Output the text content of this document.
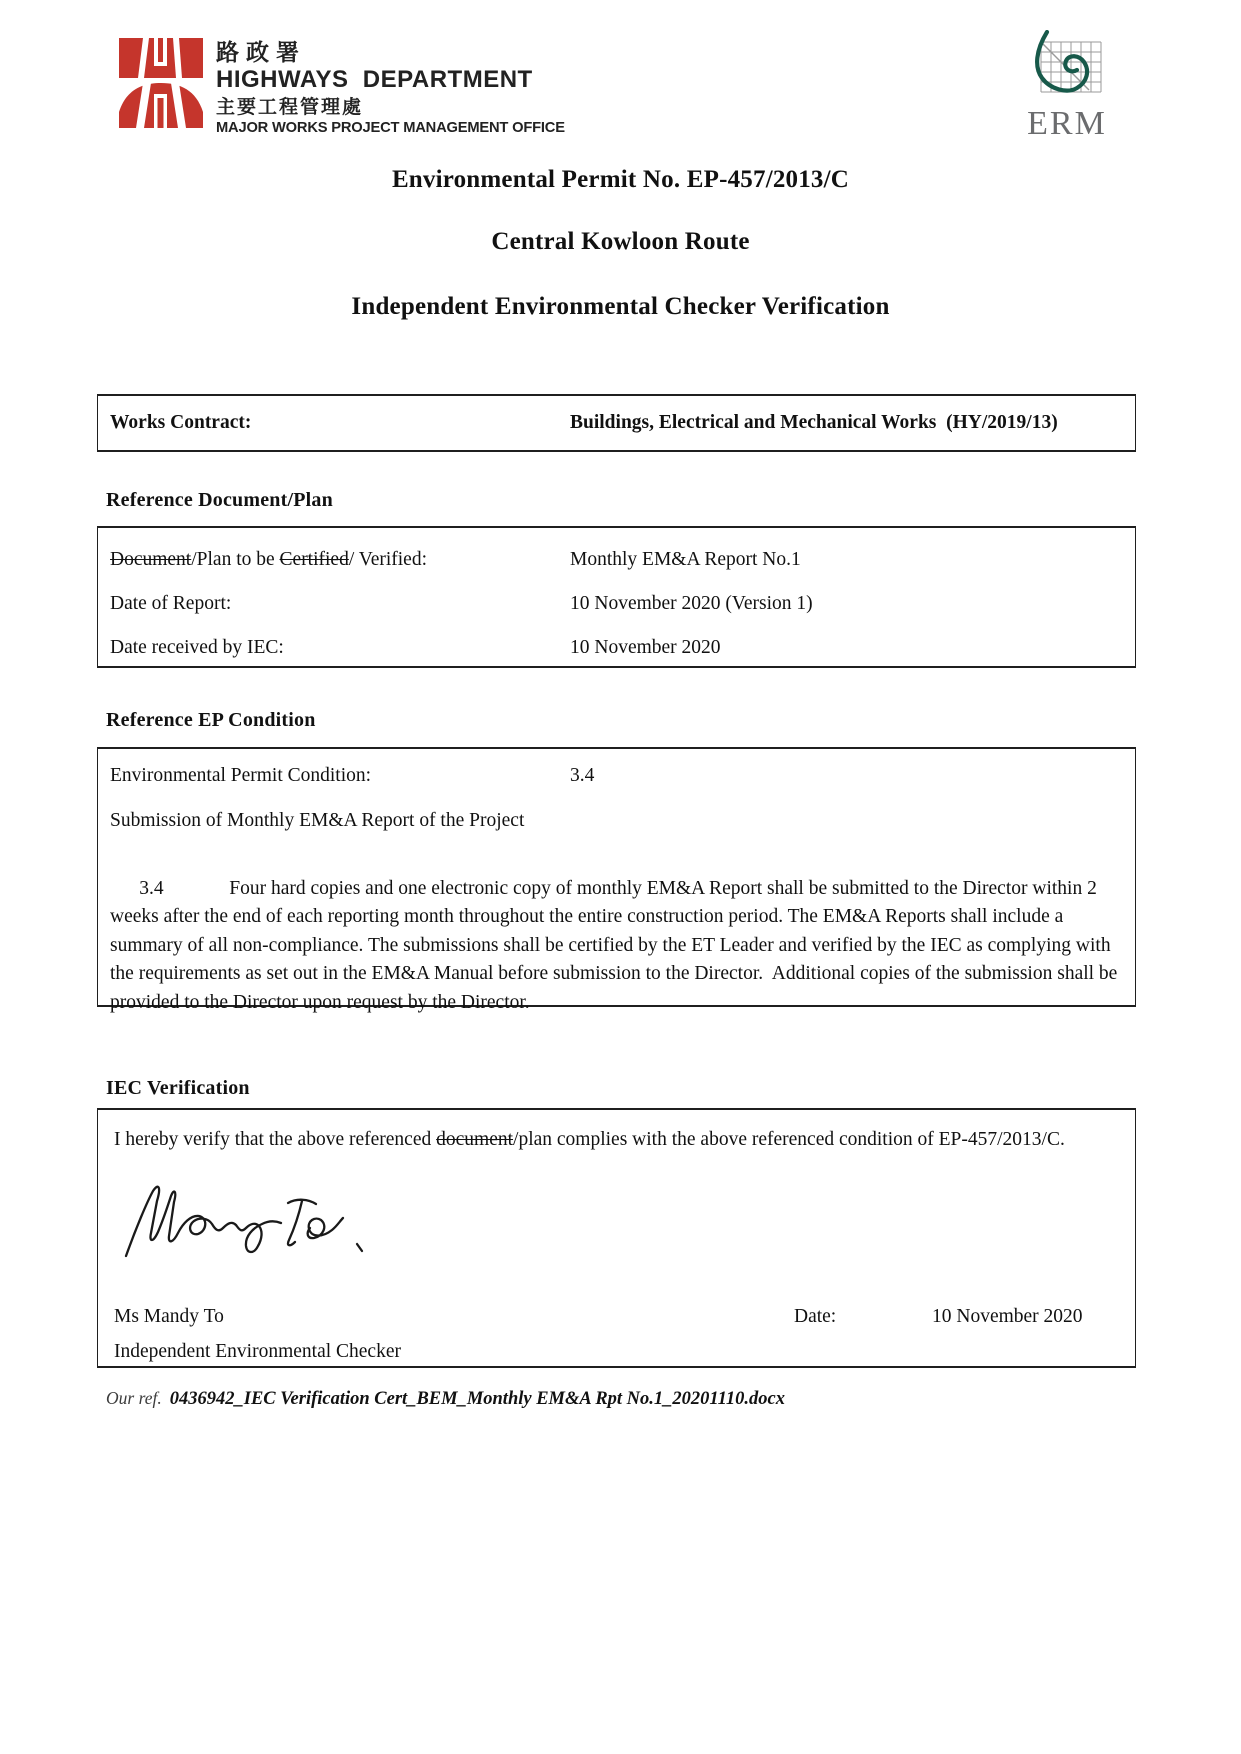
路政署
HIGHWAYS  DEPARTMENT
主要工程管理處
MAJOR WORKS PROJECT MANAGEMENT OFFICE	ERM
Environmental Permit No. EP-457/2013/C
Central Kowloon Route
Independent Environmental Checker Verification
Works Contract:	Buildings, Electrical and Mechanical Works  (HY/2019/13)
Reference Document/Plan
Document/Plan to be Certified/ Verified:	Monthly EM&A Report No.1
Date of Report:	10 November 2020 (Version 1)
Date received by IEC:	10 November 2020
Reference EP Condition
Environmental Permit Condition:	3.4
Submission of Monthly EM&A Report of the Project

3.4	Four hard copies and one electronic copy of monthly EM&A Report shall be submitted to the Director within 2 weeks after the end of each reporting month throughout the entire construction period. The EM&A Reports shall include a summary of all non-compliance. The submissions shall be certified by the ET Leader and verified by the IEC as complying with the requirements as set out in the EM&A Manual before submission to the Director.  Additional copies of the submission shall be provided to the Director upon request by the Director.

IEC Verification
I hereby verify that the above referenced document/plan complies with the above referenced condition of EP-457/2013/C.
Ms Mandy To	Date:	10 November 2020
Independent Environmental Checker
Our ref. 0436942_IEC Verification Cert_BEM_Monthly EM&A Rpt No.1_20201110.docx
